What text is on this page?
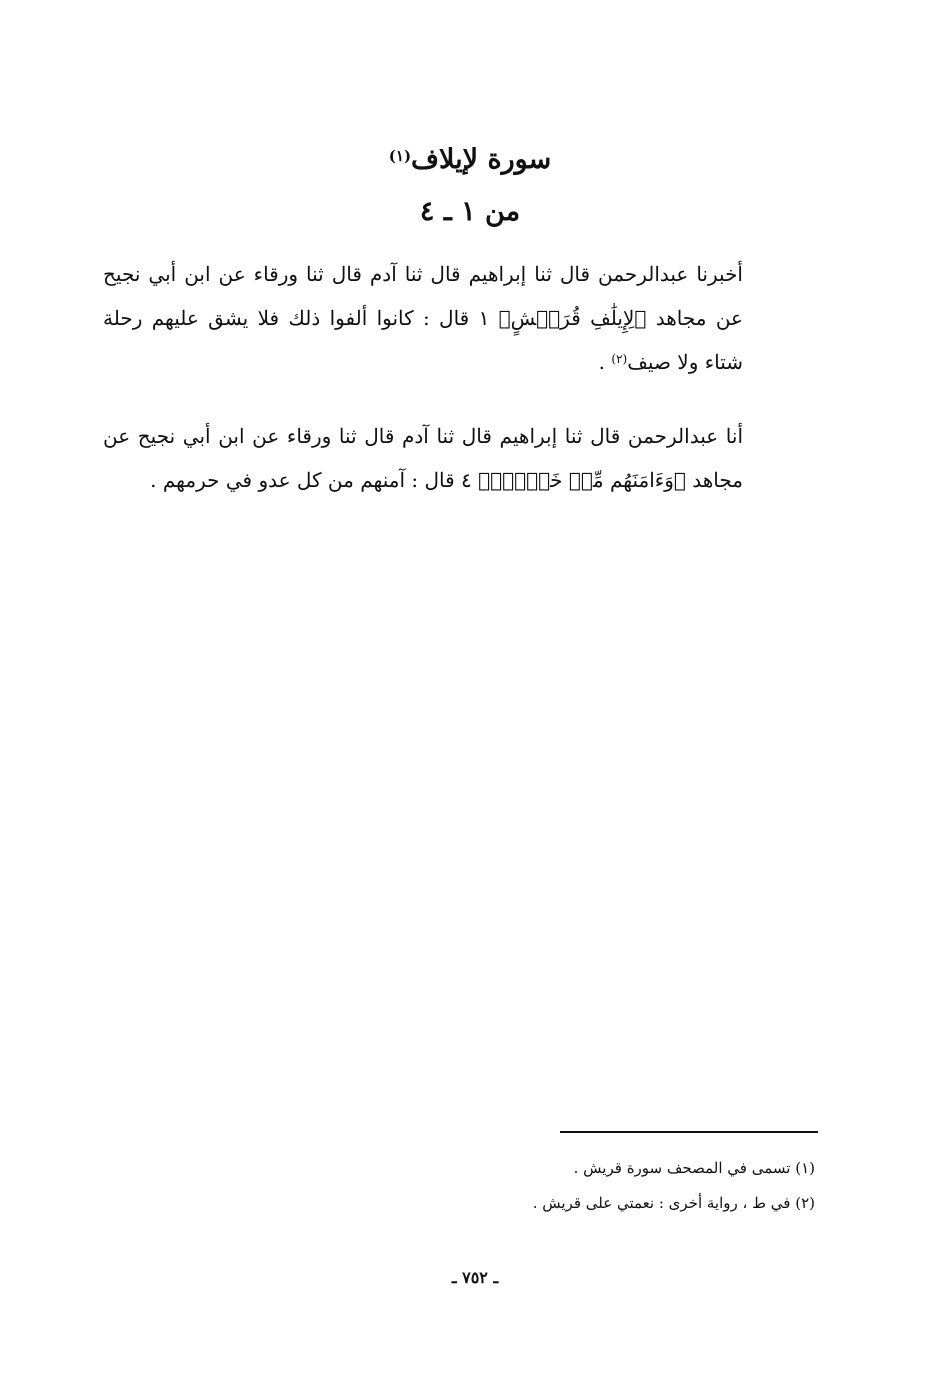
سورة لإيلاف$^{(١)}$
من ١ ـ ٤
أخبرنا عبدالرحمن قال ثنا إبراهيم قال ثنا آدم قال ثنا ورقاء عن ابن أبي نجيح عن مجاهد ﴿لِإِيلَٰفِ قُرَيۡشٍ﴾ ١ قال : كانوا ألفوا ذلك فلا يشق عليهم رحلة شتاء ولا صيف$^{(٢)}$ .
أنا عبدالرحمن قال ثنا إبراهيم قال ثنا آدم قال ثنا ورقاء عن ابن أبي نجيح عن مجاهد ﴿وَءَامَنَهُم مِّنۡ خَوۡفِۭ﴾ ٤ قال : آمنهم من كل عدو في حرمهم .
(١) تسمى في المصحف سورة قريش .
(٢) في ط ، رواية أخرى : نعمتي على قريش .
ـ ٧٥٢ ـ
